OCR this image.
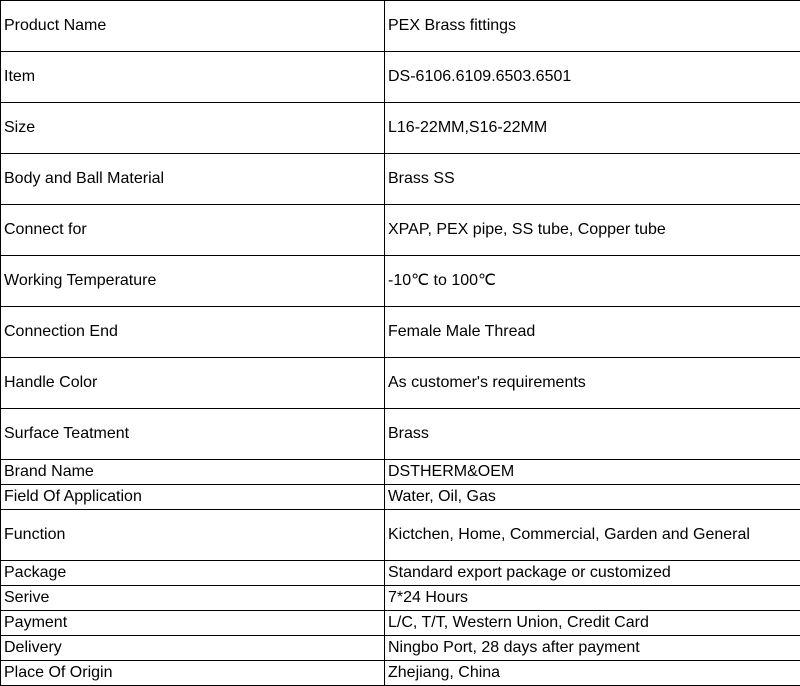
Product Name	PEX Brass fittings
Item	DS-6106.6109.6503.6501
Size	L16-22MM,S16-22MM
Body and Ball Material	Brass SS
Connect for	XPAP, PEX pipe, SS tube, Copper tube
Working Temperature	-10℃ to 100℃
Connection End	Female Male Thread
Handle Color	As customer's requirements
Surface Teatment	Brass
Brand Name	DSTHERM&OEM
Field Of Application	Water, Oil, Gas
Function	Kictchen, Home, Commercial, Garden and General
Package	Standard export package or customized
Serive	7*24 Hours
Payment	L/C, T/T, Western Union, Credit Card
Delivery	Ningbo Port, 28 days after payment
Place Of Origin	Zhejiang, China
